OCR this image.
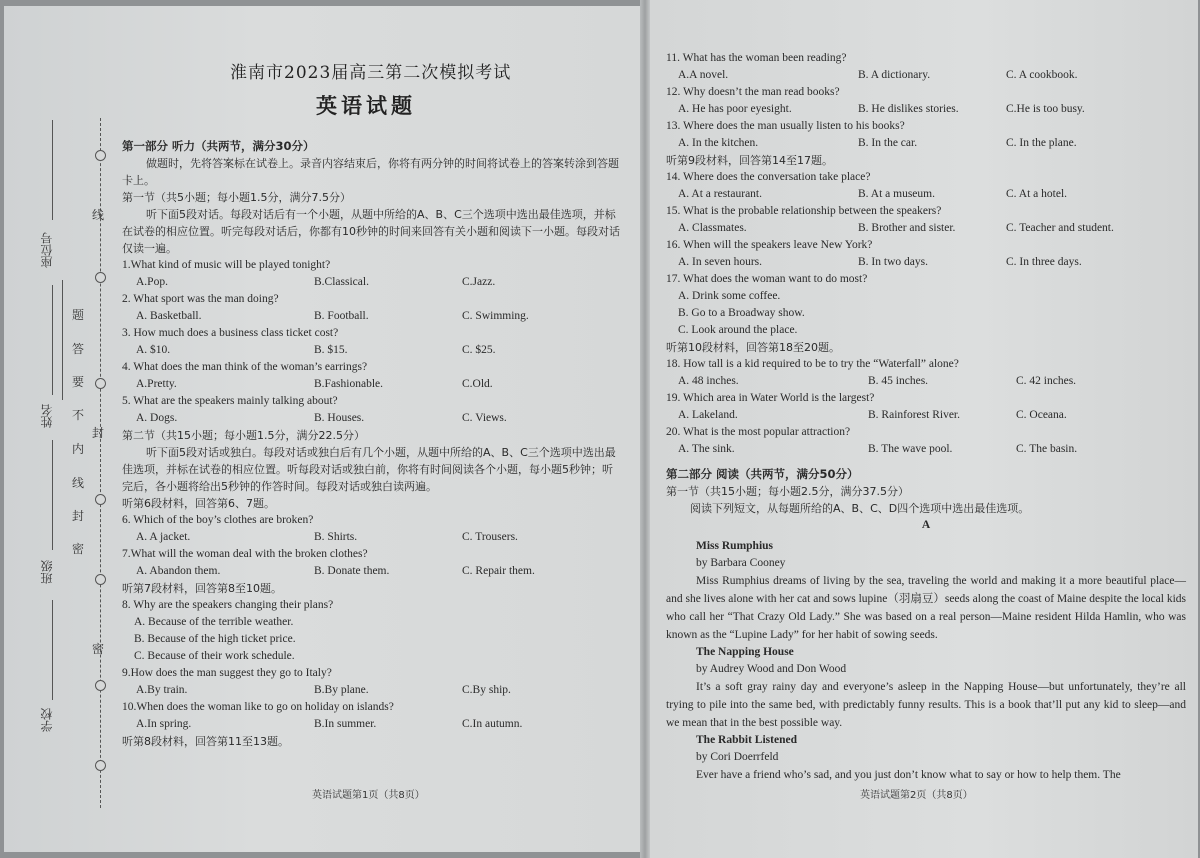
座位号
姓名
班级
学校
线
题
答
要
不
封
内
线
封
密
密
淮南市2023届高三第二次模拟考试
英语试题
第一部分 听力（共两节，满分30分）
做题时，先将答案标在试卷上。录音内容结束后，你将有两分钟的时间将试卷上的答案转涂到答题卡上。
第一节（共5小题；每小题1.5分，满分7.5分）
听下面5段对话。每段对话后有一个小题，从题中所给的A、B、C三个选项中选出最佳选项，并标在试卷的相应位置。听完每段对话后，你都有10秒钟的时间来回答有关小题和阅读下一小题。每段对话仅读一遍。
1.What kind of music will be played tonight?
A.Pop.	B.Classical.	C.Jazz.
2. What sport was the man doing?
A. Basketball.	B. Football.	C. Swimming.
3. How much does a business class ticket cost?
A. $10.	B. $15.	C. $25.
4. What does the man think of the woman’s earrings?
A.Pretty.	B.Fashionable.	C.Old.
5. What are the speakers mainly talking about?
A. Dogs.	B. Houses.	C. Views.
第二节（共15小题；每小题1.5分，满分22.5分）
听下面5段对话或独白。每段对话或独白后有几个小题，从题中所给的A、B、C三个选项中选出最佳选项，并标在试卷的相应位置。听每段对话或独白前，你将有时间阅读各个小题，每小题5秒钟；听完后，各小题将给出5秒钟的作答时间。每段对话或独白读两遍。
听第6段材料，回答第6、7题。
6. Which of the boy’s clothes are broken?
A. A jacket.	B. Shirts.	C. Trousers.
7.What will the woman deal with the broken clothes?
A. Abandon them.	B. Donate them.	C. Repair them.
听第7段材料，回答第8至10题。
8. Why are the speakers changing their plans?
A. Because of the terrible weather.
B. Because of the high ticket price.
C. Because of their work schedule.
9.How does the man suggest they go to Italy?
A.By train.	B.By plane.	C.By ship.
10.When does the woman like to go on holiday on islands?
A.In spring.	B.In summer.	C.In autumn.
听第8段材料，回答第11至13题。
英语试题第1页（共8页）
11. What has the woman been reading?
A.A novel.	B. A dictionary.	C. A cookbook.
12. Why doesn’t the man read books?
A. He has poor eyesight.	B. He dislikes stories.	C.He is too busy.
13. Where does the man usually listen to his books?
A. In the kitchen.	B. In the car.	C. In the plane.
听第9段材料，回答第14至17题。
14. Where does the conversation take place?
A. At a restaurant.	B. At a museum.	C. At a hotel.
15. What is the probable relationship between the speakers?
A. Classmates.	B. Brother and sister.	C. Teacher and student.
16. When will the speakers leave New York?
A. In seven hours.	B. In two days.	C. In three days.
17. What does the woman want to do most?
A. Drink some coffee.
B. Go to a Broadway show.
C. Look around the place.
听第10段材料，回答第18至20题。
18. How tall is a kid required to be to try the “Waterfall” alone?
A. 48 inches.	B. 45 inches.	C. 42 inches.
19. Which area in Water World is the largest?
A. Lakeland.	B. Rainforest River.	C. Oceana.
20. What is the most popular attraction?
A. The sink.	B. The wave pool.	C. The basin.
第二部分 阅读（共两节，满分50分）
第一节（共15小题；每小题2.5分，满分37.5分）
阅读下列短文，从每题所给的A、B、C、D四个选项中选出最佳选项。
A
Miss Rumphius
by Barbara Cooney
Miss Rumphius dreams of living by the sea, traveling the world and making it a more beautiful place—and she lives alone with her cat and sows lupine（羽扇豆）seeds along the coast of Maine despite the local kids who call her “That Crazy Old Lady.” She was based on a real person—Maine resident Hilda Hamlin, who was known as the “Lupine Lady” for her habit of sowing seeds.
The Napping House
by Audrey Wood and Don Wood
It’s a soft gray rainy day and everyone’s asleep in the Napping House—but unfortunately, they’re all trying to pile into the same bed, with predictably funny results. This is a book that’ll put any kid to sleep—and we mean that in the best possible way.
The Rabbit Listened
by Cori Doerrfeld
Ever have a friend who’s sad, and you just don’t know what to say or how to help them. The
英语试题第2页（共8页）
